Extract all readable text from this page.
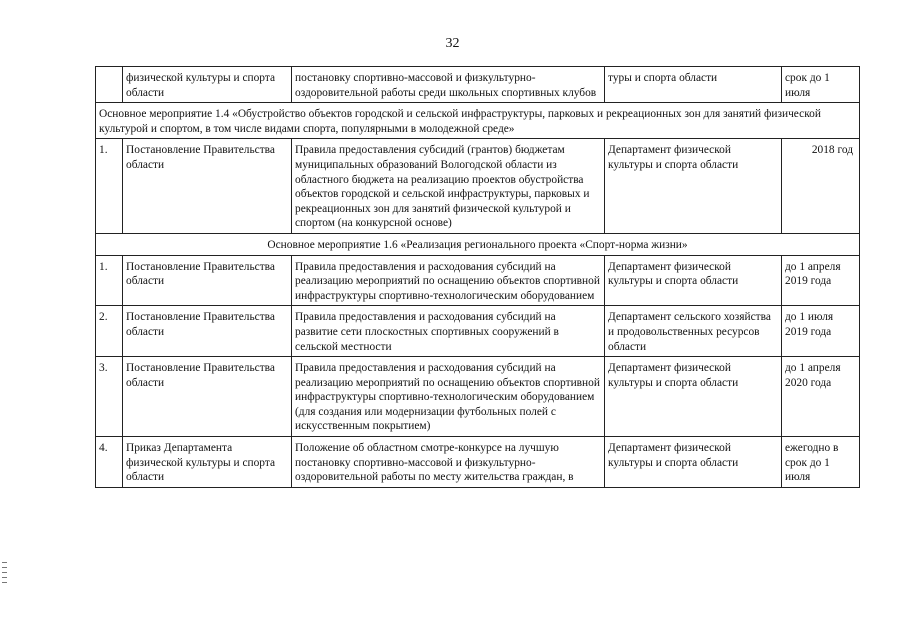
32
	физической культуры и спорта области	постановку спортивно-массовой и физкультурно-оздоровительной работы среди школьных спортивных клубов	туры и спорта области	срок до 1 июля
Основное мероприятие 1.4 «Обустройство объектов городской и сельской инфраструктуры, парковых и рекреационных зон для занятий физической культурой и спортом, в том числе видами спорта, популярными в молодежной среде»				
1.	Постановление Правительства области	Правила предоставления субсидий (грантов) бюджетам муниципальных образований Вологодской области из областного бюджета на реализацию проектов обустройства объектов городской и сельской инфраструктуры, парковых и рекреационных зон для занятий физической культурой и спортом (на конкурсной основе)	Департамент физической культуры и спорта области	2018 год
Основное мероприятие 1.6 «Реализация регионального проекта «Спорт-норма жизни»				
1.	Постановление Правительства области	Правила предоставления и расходования субсидий на реализацию мероприятий по оснащению объектов спортивной инфраструктуры спортивно-технологическим оборудованием	Департамент физической культуры и спорта области	до 1 апреля 2019 года
2.	Постановление Правительства области	Правила предоставления и расходования субсидий на развитие сети плоскостных спортивных сооружений в сельской местности	Департамент сельского хозяйства и продовольственных ресурсов области	до 1 июля 2019 года
3.	Постановление Правительства области	Правила предоставления и расходования субсидий на реализацию мероприятий по оснащению объектов спортивной инфраструктуры спортивно-технологическим оборудованием (для создания или модернизации футбольных полей с искусственным покрытием)	Департамент физической культуры и спорта области	до 1 апреля 2020 года
4.	Приказ Департамента физической культуры и спорта области	Положение об областном смотре-конкурсе на лучшую постановку спортивно-массовой и физкультурно-оздоровительной работы по месту жительства граждан, в	Департамент физической культуры и спорта области	ежегодно в срок до 1 июля
